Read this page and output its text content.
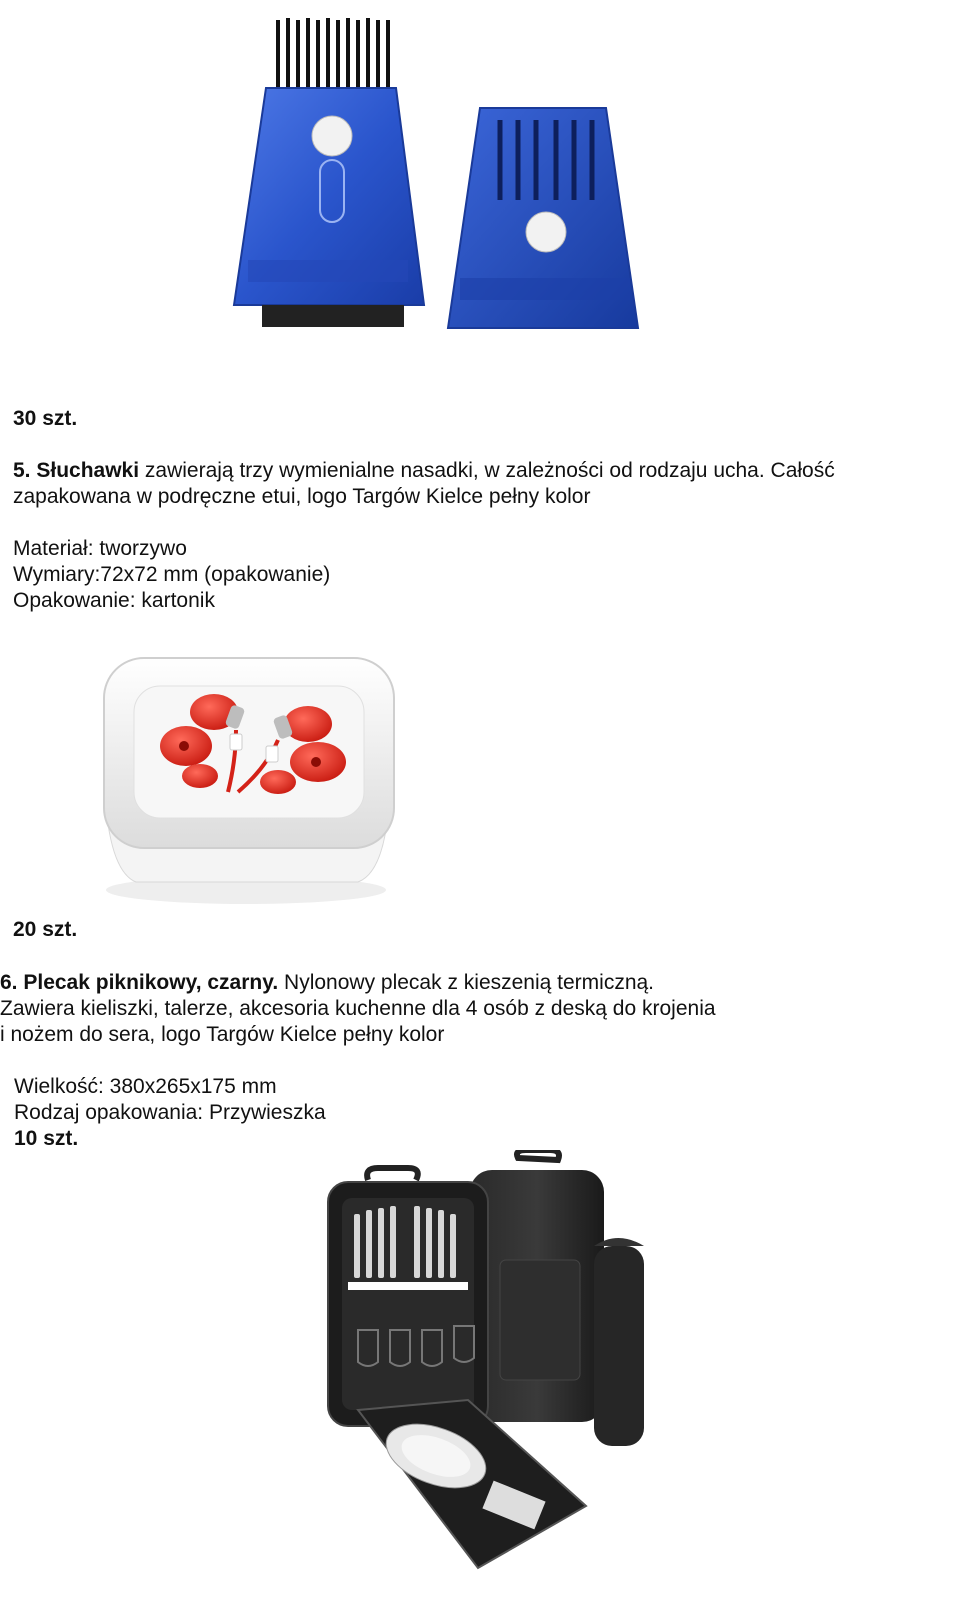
30 szt.
5. Słuchawki zawierają trzy wymienialne nasadki, w zależności od rodzaju ucha. Całość
zapakowana w podręczne etui, logo Targów Kielce pełny kolor
Materiał: tworzywo
Wymiary:72x72 mm (opakowanie)
Opakowanie: kartonik
20 szt.
6. Plecak piknikowy, czarny. Nylonowy plecak z kieszenią termiczną.
Zawiera kieliszki, talerze, akcesoria kuchenne dla 4 osób z deską do krojenia
i nożem do sera, logo Targów Kielce pełny kolor
Wielkość: 380x265x175 mm
Rodzaj opakowania: Przywieszka
10 szt.
